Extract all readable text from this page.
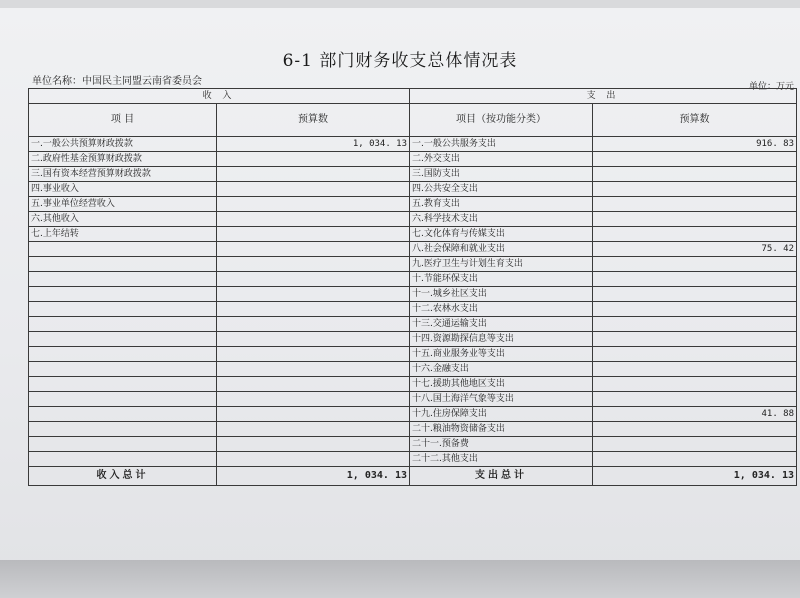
6-1 部门财务收支总体情况表
单位名称：中国民主同盟云南省委员会	单位：万元
收 入		支 出	
项 目	预算数	项目（按功能分类）	预算数
一.一般公共预算财政拨款	1, 034. 13	一.一般公共服务支出	916. 83
二.政府性基金预算财政拨款		二.外交支出	
三.国有资本经营预算财政拨款		三.国防支出	
四.事业收入		四.公共安全支出	
五.事业单位经营收入		五.教育支出	
六.其他收入		六.科学技术支出	
七.上年结转		七.文化体育与传媒支出	
		八.社会保障和就业支出	75. 42
		九.医疗卫生与计划生育支出	
		十.节能环保支出	
		十一.城乡社区支出	
		十二.农林水支出	
		十三.交通运输支出	
		十四.资源勘探信息等支出	
		十五.商业服务业等支出	
		十六.金融支出	
		十七.援助其他地区支出	
		十八.国土海洋气象等支出	
		十九.住房保障支出	41. 88
		二十.粮油物资储备支出	
		二十一.预备费	
		二十二.其他支出	
收入总计	1, 034. 13	支出总计	1, 034. 13
